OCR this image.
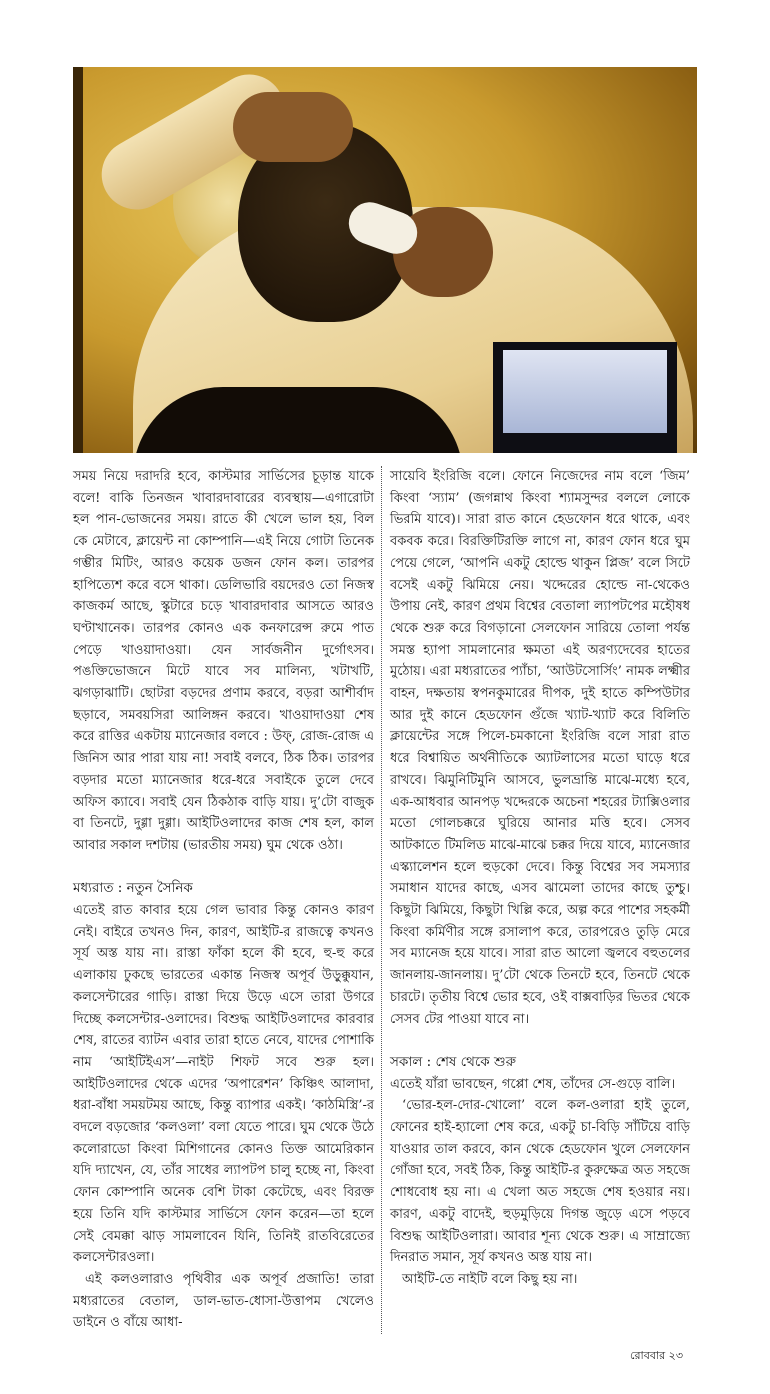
সময় নিয়ে দরাদরি হবে, কাস্টমার সার্ভিসের চূড়ান্ত যাকে বলে! বাকি তিনজন খাবারদাবারের ব্যবস্থায়—এগারোটা হল পান-ভোজনের সময়। রাতে কী খেলে ভাল হয়, বিল কে মেটাবে, ক্লায়েন্ট না কোম্পানি—এই নিয়ে গোটা তিনেক গম্ভীর মিটিং, আরও কয়েক ডজন ফোন কল। তারপর হাপিত্যেশ করে বসে থাকা। ডেলিভারি বয়দেরও তো নিজস্ব কাজকর্ম আছে, স্কুটারে চড়ে খাবারদাবার আসতে আরও ঘণ্টাখানেক। তারপর কোনও এক কনফারেন্স রুমে পাত পেড়ে খাওয়াদাওয়া। যেন সার্বজনীন দুর্গোৎসব। পঙক্তিভোজনে মিটে যাবে সব মালিন্য, খটাখটি, ঝগড়াঝাটি। ছোটরা বড়দের প্রণাম করবে, বড়রা আশীর্বাদ ছড়াবে, সমবয়সিরা আলিঙ্গন করবে। খাওয়াদাওয়া শেষ করে রাত্তির একটায় ম্যানেজার বলবে : উফ্, রোজ-রোজ এ জিনিস আর পারা যায় না! সবাই বলবে, ঠিক ঠিক। তারপর বড়দার মতো ম্যানেজার ধরে-ধরে সবাইকে তুলে দেবে অফিস ক্যাবে। সবাই যেন ঠিকঠাক বাড়ি যায়। দু’টো বাজুক বা তিনটে, দুগ্গা দুগ্গা। আইটিওলাদের কাজ শেষ হল, কাল আবার সকাল দশটায় (ভারতীয় সময়) ঘুম থেকে ওঠা।

মধ্যরাত : নতুন সৈনিক

এতেই রাত কাবার হয়ে গেল ভাবার কিন্তু কোনও কারণ নেই। বাইরে তখনও দিন, কারণ, আইটি-র রাজত্বে কখনও সূর্য অস্ত যায় না। রাস্তা ফাঁকা হলে কী হবে, হু-হু করে এলাকায় ঢুকছে ভারতের একান্ত নিজস্ব অপূর্ব উড়ুক্কুযান, কলসেন্টারের গাড়ি। রাস্তা দিয়ে উড়ে এসে তারা উগরে দিচ্ছে কলসেন্টার-ওলাদের। বিশুদ্ধ আইটিওলাদের কারবার শেষ, রাতের ব্যাটন এবার তারা হাতে নেবে, যাদের পোশাকি নাম ‘আইটিইএস’—নাইট শিফট সবে শুরু হল। আইটিওলাদের থেকে এদের ‘অপারেশন’ কিঞ্চিৎ আলাদা, ধরা-বাঁধা সময়টময় আছে, কিন্তু ব্যাপার একই। ‘কাঠমিস্ত্রি’-র বদলে বড়জোর ‘কলওলা’ বলা যেতে পারে। ঘুম থেকে উঠে কলোরাডো কিংবা মিশিগানের কোনও তিক্ত আমেরিকান যদি দ্যাখেন, যে, তাঁর সাধের ল্যাপটপ চালু হচ্ছে না, কিংবা ফোন কোম্পানি অনেক বেশি টাকা কেটেছে, এবং বিরক্ত হয়ে তিনি যদি কাস্টমার সার্ভিসে ফোন করেন—তা হলে সেই বেমক্কা ঝাড় সামলাবেন যিনি, তিনিই রাতবিরেতের কলসেন্টারওলা।

এই কলওলারাও পৃথিবীর এক অপূর্ব প্রজাতি! তারা মধ্যরাতের বেতাল, ডাল-ভাত-ধোসা-উত্তাপম খেলেও ডাইনে ও বাঁয়ে আধা-

সায়েবি ইংরিজি বলে। ফোনে নিজেদের নাম বলে ‘জিম’ কিংবা ‘স্যাম’ (জগন্নাথ কিংবা শ্যামসুন্দর বললে লোকে ভিরমি যাবে)। সারা রাত কানে হেডফোন ধরে থাকে, এবং বকবক করে। বিরক্তিটিরক্তি লাগে না, কারণ ফোন ধরে ঘুম পেয়ে গেলে, ‘আপনি একটু হোল্ডে থাকুন প্লিজ’ বলে সিটে বসেই একটু ঝিমিয়ে নেয়। খদ্দেরের হোল্ডে না-থেকেও উপায় নেই, কারণ প্রথম বিশ্বের বেতালা ল্যাপটপের মহৌষধ থেকে শুরু করে বিগড়ানো সেলফোন সারিয়ে তোলা পর্যন্ত সমস্ত হ্যাপা সামলানোর ক্ষমতা এই অরণ্যদেবের হাতের মুঠোয়। এরা মধ্যরাতের প্যাঁচা, ‘আউটসোর্সিং’ নামক লক্ষ্মীর বাহন, দক্ষতায় স্বপনকুমারের দীপক, দুই হাতে কম্পিউটার আর দুই কানে হেডফোন গুঁজে খ্যাট-খ্যাট করে বিলিতি ক্লায়েন্টের সঙ্গে পিলে-চমকানো ইংরিজি বলে সারা রাত ধরে বিশ্বায়িত অর্থনীতিকে অ্যাটলাসের মতো ঘাড়ে ধরে রাখবে। ঝিমুনিটিমুনি আসবে, ভুলভ্রান্তি মাঝে-মধ্যে হবে, এক-আধবার আনপড় খদ্দেরকে অচেনা শহরের ট্যাক্সিওলার মতো গোলচক্করে ঘুরিয়ে আনার মত্তি হবে। সেসব আটকাতে টিমলিড মাঝে-মাঝে চক্কর দিয়ে যাবে, ম্যানেজার এস্ক্যালেশন হলে হুড়কো দেবে। কিন্তু বিশ্বের সব সমস্যার সমাধান যাদের কাছে, এসব ঝামেলা তাদের কাছে তুশ্চু। কিছুটা ঝিমিয়ে, কিছুটা খিল্লি করে, অল্প করে পাশের সহকর্মী কিংবা কর্মিণীর সঙ্গে রসালাপ করে, তারপরেও তুড়ি মেরে সব ম্যানেজ হয়ে যাবে। সারা রাত আলো জ্বলবে বহুতলের জানলায়-জানলায়। দু’টো থেকে তিনটে হবে, তিনটে থেকে চারটে। তৃতীয় বিশ্বে ভোর হবে, ওই বাক্সবাড়ির ভিতর থেকে সেসব টের পাওয়া যাবে না।

সকাল : শেষ থেকে শুরু

এতেই যাঁরা ভাবছেন, গপ্পো শেষ, তাঁদের সে-গুড়ে বালি।

‘ভোর-হল-দোর-খোলো’ বলে কল-ওলারা হাই তুলে, ফোনের হাই-হ্যালো শেষ করে, একটু চা-বিড়ি সাঁটিয়ে বাড়ি যাওয়ার তাল করবে, কান থেকে হেডফোন খুলে সেলফোন গোঁজা হবে, সবই ঠিক, কিন্তু আইটি-র কুরুক্ষেত্র অত সহজে শোধবোধ হয় না। এ খেলা অত সহজে শেষ হওয়ার নয়। কারণ, একটু বাদেই, হুড়মুড়িয়ে দিগন্ত জুড়ে এসে পড়বে বিশুদ্ধ আইটিওলারা। আবার শূন্য থেকে শুরু। এ সাম্রাজ্যে দিনরাত সমান, সূর্য কখনও অস্ত যায় না।

আইটি-তে নাইটি বলে কিছু হয় না।

রোববার ২৩
